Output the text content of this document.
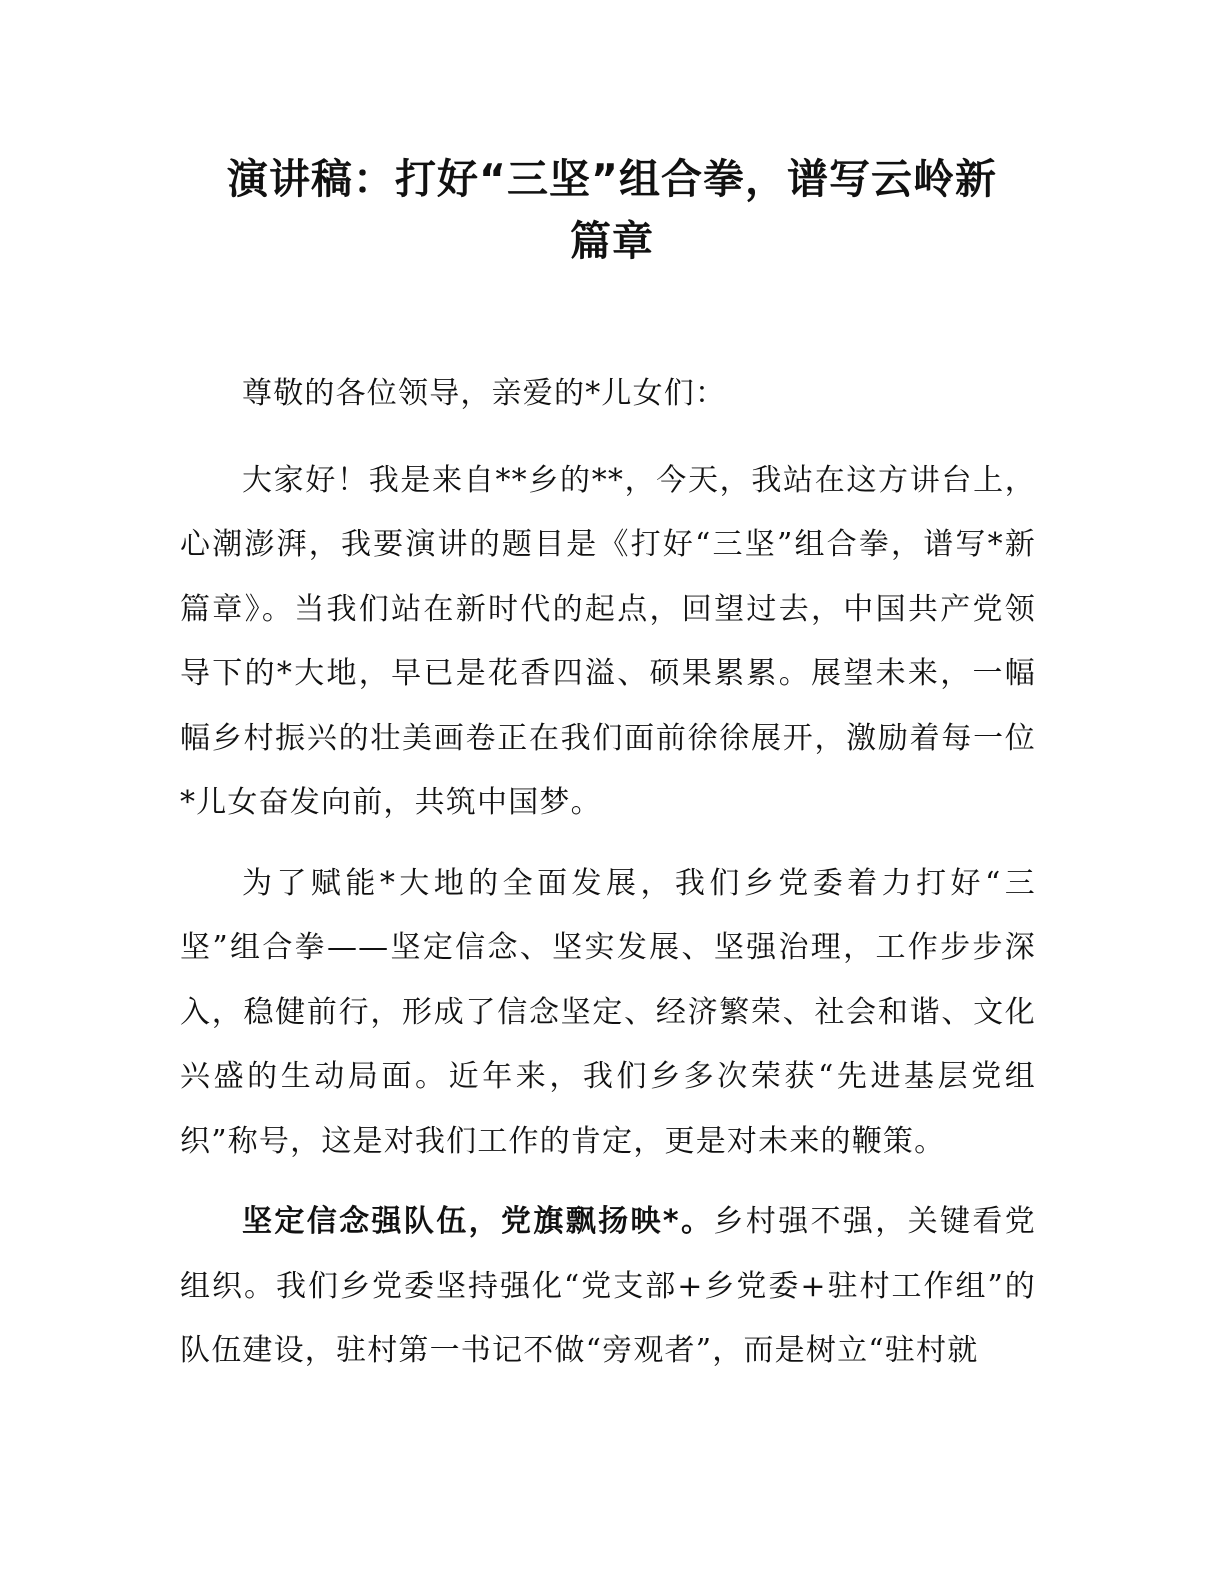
演讲稿：打好“三坚”组合拳，谱写云岭新
篇章

尊敬的各位领导，亲爱的*儿女们：

大家好！我是来自**乡的**，今天，我站在这方讲台上，心潮澎湃，我要演讲的题目是《打好“三坚”组合拳，谱写*新篇章》。当我们站在新时代的起点，回望过去，中国共产党领导下的*大地，早已是花香四溢、硕果累累。展望未来，一幅幅乡村振兴的壮美画卷正在我们面前徐徐展开，激励着每一位*儿女奋发向前，共筑中国梦。

为了赋能*大地的全面发展，我们乡党委着力打好“三坚”组合拳——坚定信念、坚实发展、坚强治理，工作步步深入，稳健前行，形成了信念坚定、经济繁荣、社会和谐、文化兴盛的生动局面。近年来，我们乡多次荣获“先进基层党组织”称号，这是对我们工作的肯定，更是对未来的鞭策。

坚定信念强队伍，党旗飘扬映*。乡村强不强，关键看党组织。我们乡党委坚持强化“党支部+乡党委+驻村工作组”的队伍建设，驻村第一书记不做“旁观者”，而是树立“驻村就
